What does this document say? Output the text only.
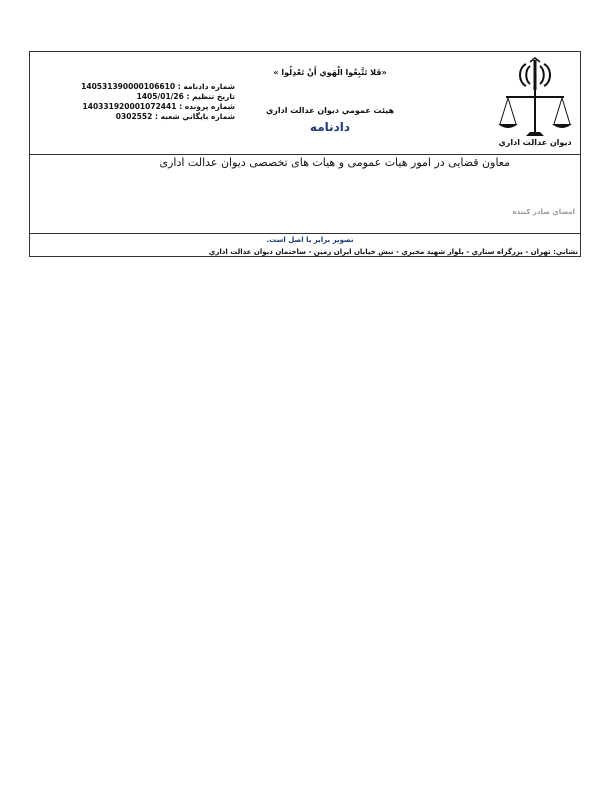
ديوان عدالت اداري
«فَلا تَتَّبِعُوا الْهَوي أَنْ تَعْدِلُوا »
هيئت عمومي ديوان عدالت اداري
دادنامه
شماره دادنامه : 140531390000106610
تاريخ تنظيم : 1405/01/26
شماره پرونده : 140331920001072441
شماره بايگاني شعبه : 0302552
معاون قضایی در امور هیات عمومی و هیات های تخصصی دیوان عدالت اداری
امضاي صادر كننده
تصوير برابر با اصل است.
نشاني: تهران - بزرگراه ستاري - بلوار شهيد مخبري - نبش خيابان ايران زمين - ساختمان ديوان عدالت اداري
